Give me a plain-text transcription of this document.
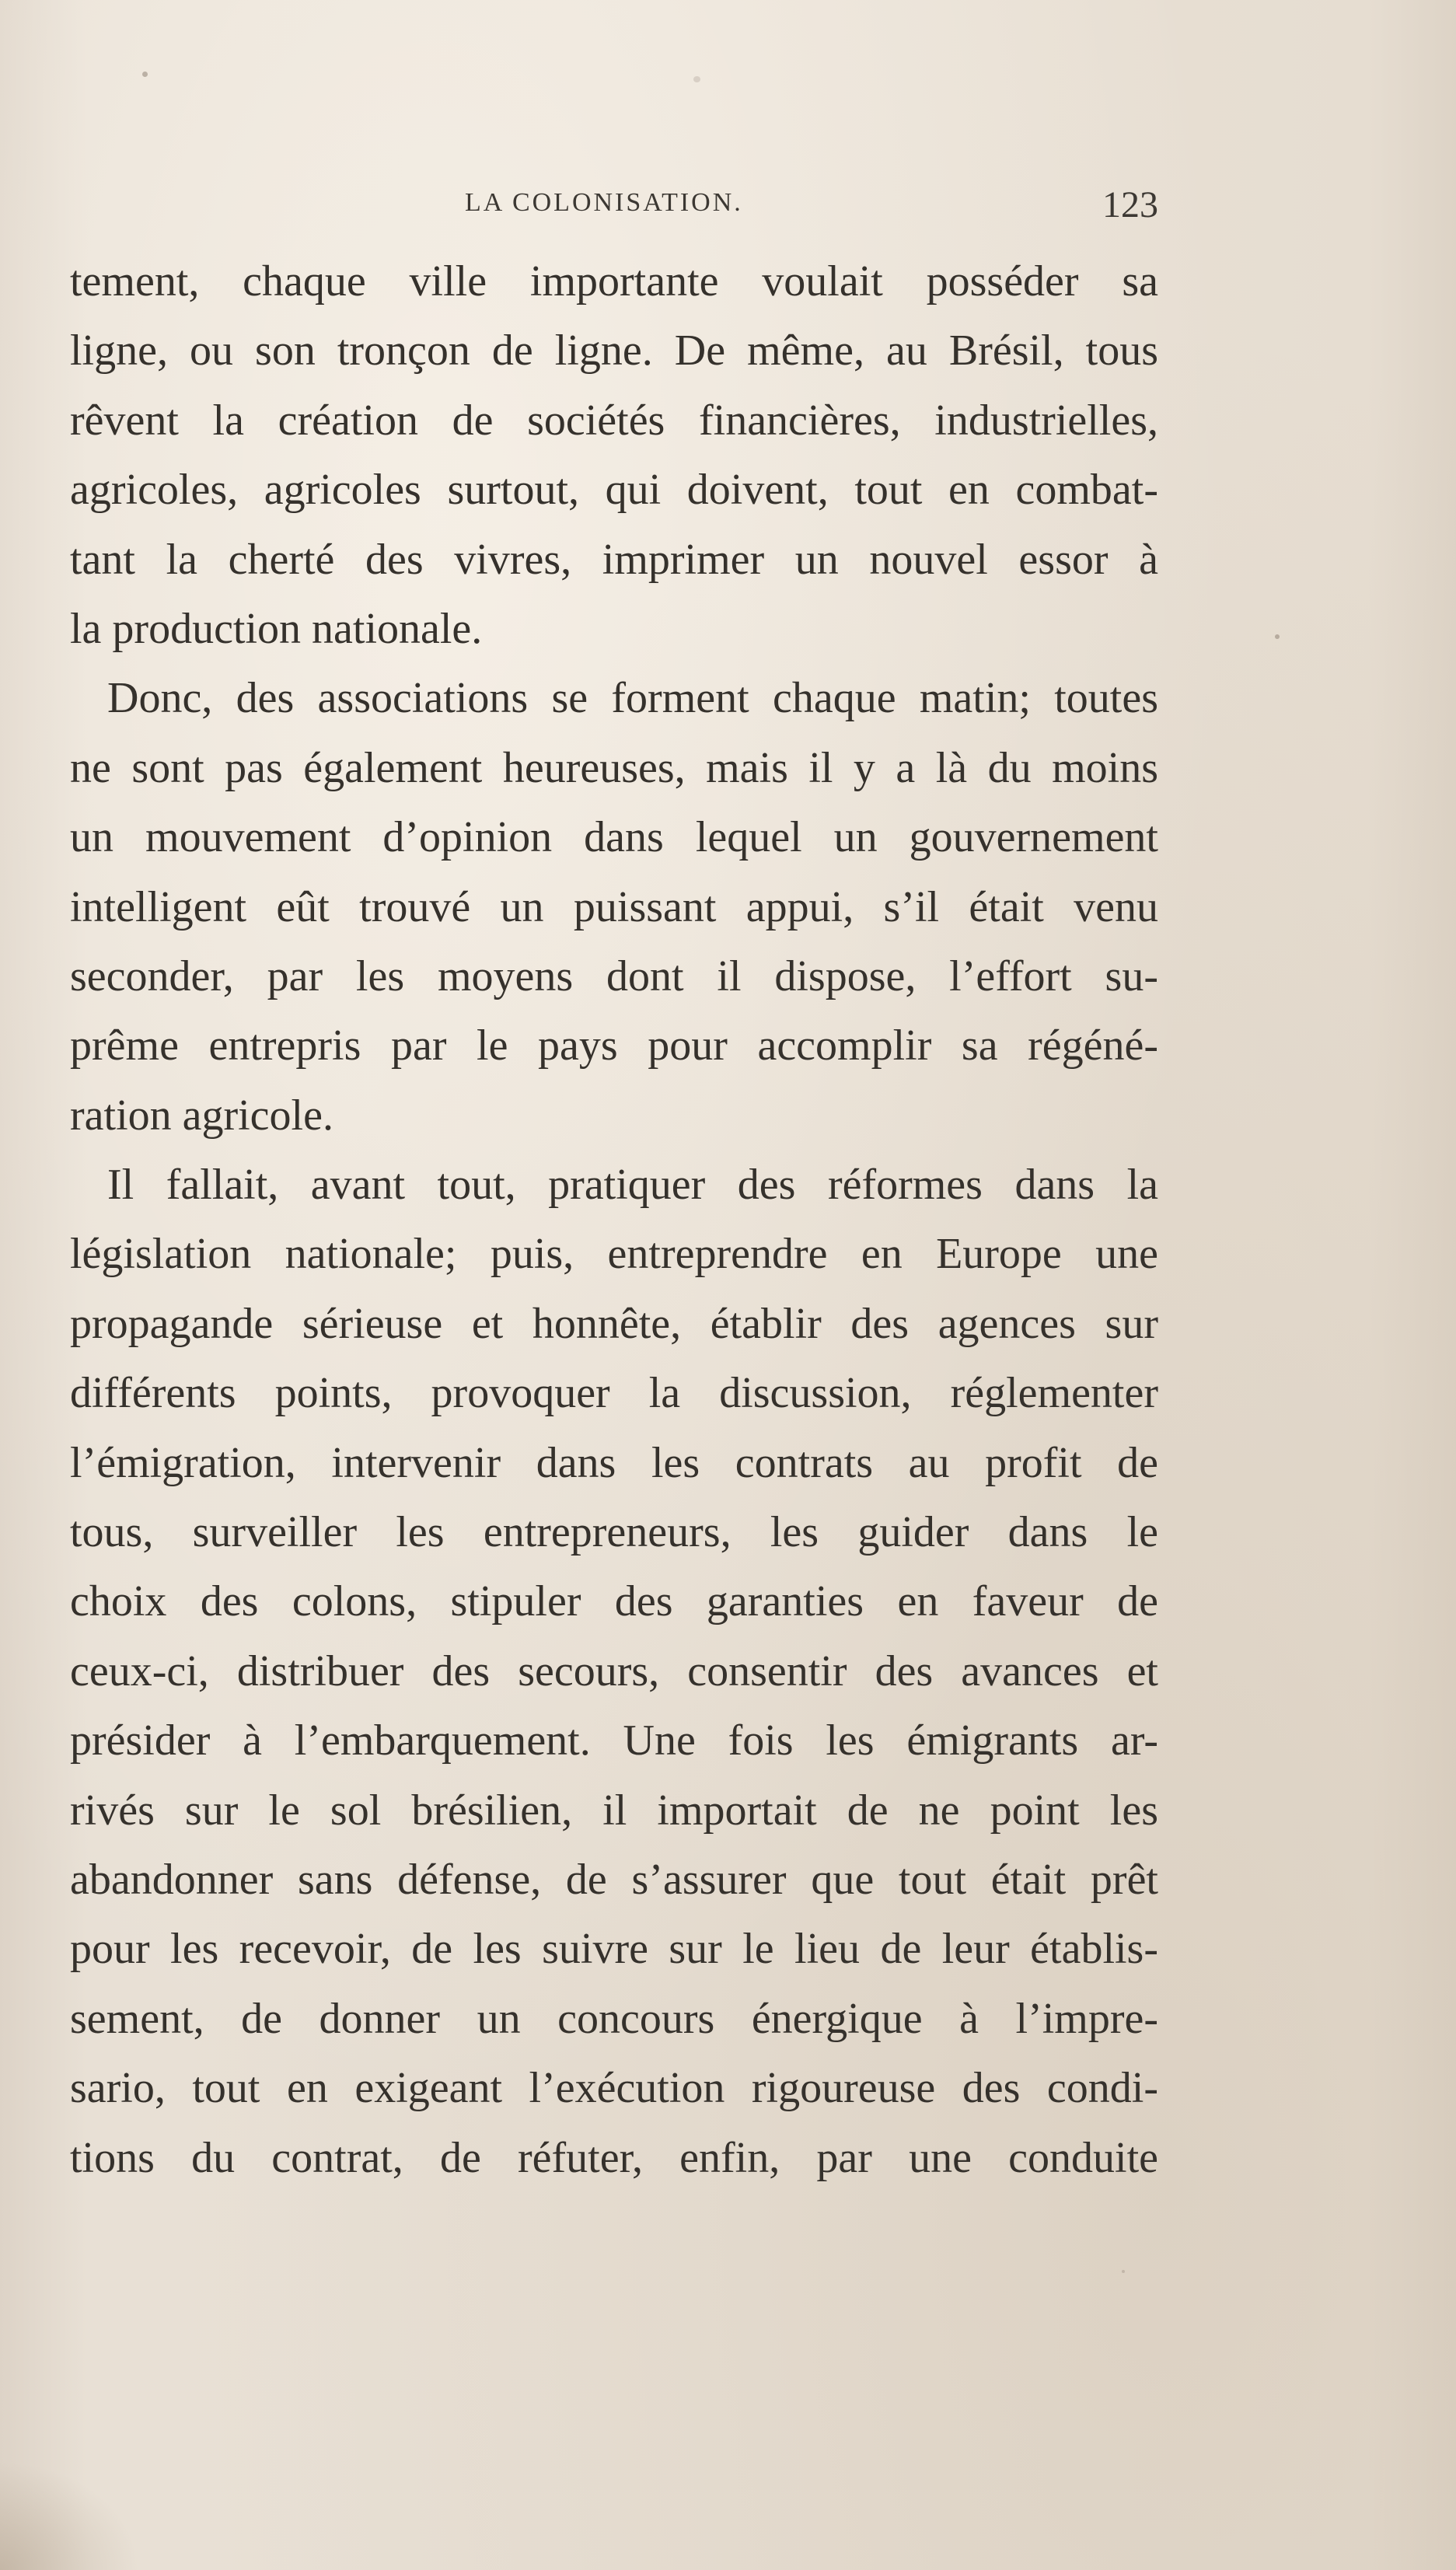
LA COLONISATION.	123
tement, chaque ville importante voulait posséder sa
ligne, ou son tronçon de ligne. De même, au Brésil, tous
rêvent la création de sociétés financières, industrielles,
agricoles, agricoles surtout, qui doivent, tout en combat-
tant la cherté des vivres, imprimer un nouvel essor à
la production nationale.
Donc, des associations se forment chaque matin; toutes
ne sont pas également heureuses, mais il y a là du moins
un mouvement d’opinion dans lequel un gouvernement
intelligent eût trouvé un puissant appui, s’il était venu
seconder, par les moyens dont il dispose, l’effort su-
prême entrepris par le pays pour accomplir sa régéné-
ration agricole.
Il fallait, avant tout, pratiquer des réformes dans la
législation nationale; puis, entreprendre en Europe une
propagande sérieuse et honnête, établir des agences sur
différents points, provoquer la discussion, réglementer
l’émigration, intervenir dans les contrats au profit de
tous, surveiller les entrepreneurs, les guider dans le
choix des colons, stipuler des garanties en faveur de
ceux-ci, distribuer des secours, consentir des avances et
présider à l’embarquement. Une fois les émigrants ar-
rivés sur le sol brésilien, il importait de ne point les
abandonner sans défense, de s’assurer que tout était prêt
pour les recevoir, de les suivre sur le lieu de leur établis-
sement, de donner un concours énergique à l’impre-
sario, tout en exigeant l’exécution rigoureuse des condi-
tions du contrat, de réfuter, enfin, par une conduite
